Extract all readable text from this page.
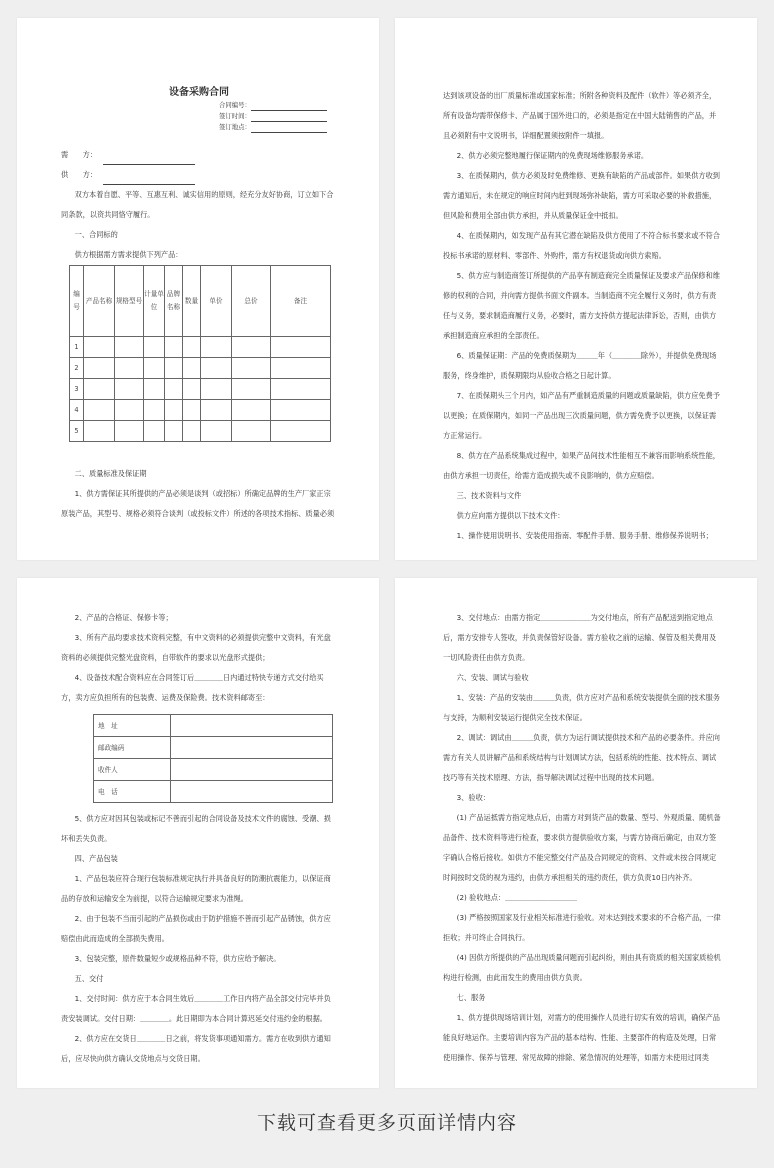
设备采购合同
合同编号：
签订时间：
签订地点：

需　　方：

供　　方：

双方本着自愿、平等、互惠互利、诚实信用的原则，经充分友好协商，订立如下合同条款，以资共同恪守履行。

一、合同标的

供方根据需方需求提供下列产品：

编号	产品名称	规格型号	计量单位	品牌名称	数量	单价	总价	备注
1								
2								
3								
4								
5								

二、质量标准及保证期

1、供方需保证其所提供的产品必须是谈判（或招标）所确定品牌的生产厂家正宗原装产品，其型号、规格必须符合谈判（或投标文件）所述的各项技术指标、质量必须

达到该项设备的出厂质量标准或国家标准；所附各种资料及配件（软件）等必须齐全，所有设备均需带保修卡、产品属于国外进口的，必须是指定在中国大陆销售的产品，并且必须附有中文说明书，详细配置须按附件一填报。

2、供方必须完整地履行保证期内的免费现场维修服务承诺。

3、在质保期内，供方必须及时免费维修、更换有缺陷的产品或部件。如果供方收到需方通知后，未在规定的响应时间内赶到现场弥补缺陷，需方可采取必要的补救措施，但风险和费用全部由供方承担，并从质量保证金中抵扣。

4、在质保期内，如发现产品有其它潜在缺陷及供方使用了不符合标书要求或不符合投标书承诺的原材料、零部件、外购件，需方有权退货或向供方索赔。

5、供方应与制造商签订所提供的产品享有制造商完全质量保证及要求产品保修和维修的权利的合同，并向需方提供书面文件副本。当制造商不完全履行义务时，供方有责任与义务，要求制造商履行义务，必要时，需方支持供方提起法律诉讼，否则，由供方承担制造商应承担的全部责任。

6、质量保证期：产品的免费质保期为＿＿＿年（＿＿＿＿除外），并提供免费现场服务，终身维护，质保期限均从验收合格之日起计算。

7、在质保期头三个月内，如产品有严重制造质量的问题或质量缺陷，供方应免费予以更换；在质保期内，如同一产品出现三次质量问题，供方需免费予以更换，以保证需方正常运行。

8、供方在产品系统集成过程中，如果产品间技术性能相互不兼容而影响系统性能，由供方承担一切责任，给需方造成损失或不良影响的，供方应赔偿。

三、技术资料与文件

供方应向需方提供以下技术文件：

1、操作使用说明书、安装使用指南、零配件手册、服务手册、维修保养说明书；

2、产品的合格证、保修卡等；

3、所有产品均要求技术资料完整，有中文资料的必须提供完整中文资料，有光盘资料的必须提供完整光盘资料，自带软件的要求以光盘形式提供；

4、设备技术配合资料应在合同签订后＿＿＿＿日内通过特快专递方式交付给买方，卖方应负担所有的包装费、运费及保险费。技术资料邮寄至：

地　址	
邮政编码	
收件人	
电　话	

5、供方应对因其包装或标记不善而引起的合同设备及技术文件的腐蚀、受潮、损坏和丢失负责。

四、产品包装

1、产品包装应符合现行包装标准规定执行并具备良好的防潮抗震能力，以保证商品的存放和运输安全为前提，以符合运输规定要求为准绳。

2、由于包装不当而引起的产品损伤或由于防护措施不善而引起产品锈蚀，供方应赔偿由此而造成的全部损失费用。

3、包装完整，原件数量短少或规格品种不符，供方应给予解决。

五、交付

1、交付时间：供方应于本合同生效后＿＿＿＿工作日内将产品全部交付完毕并负责安装调试。交付日期：＿＿＿＿。此日期即为本合同计算迟延交付违约金的根据。

2、供方应在交货日＿＿＿＿日之前，将发货事项通知需方。需方在收到供方通知后，应尽快向供方确认交货地点与交货日期。

3、交付地点：由需方指定＿＿＿＿＿＿＿为交付地点，所有产品配送到指定地点后，需方安排专人签收，并负责保管好设备。需方验收之前的运输、保管及相关费用及一切风险责任由供方负责。

六、安装、调试与验收

1、安装：产品的安装由＿＿＿负责，供方应对产品和系统安装提供全面的技术服务与支持，为顺利安装运行提供完全技术保证。

2、调试：调试由＿＿＿负责，供方为运行调试提供技术和产品的必要条件。并应向需方有关人员讲解产品和系统结构与计划调试方法，包括系统的性能、技术特点、调试技巧等有关技术原理、方法，指导解决调试过程中出现的技术问题。

3、验收：

(1) 产品运抵需方指定地点后，由需方对到货产品的数量、型号、外观质量、随机备品备件、技术资料等进行检查，要求供方提供验收方案，与需方协商后确定，由双方签字确认合格后接收。如供方不能完整交付产品及合同规定的资料、文件或未按合同规定时间按时交货的视为违约，由供方承担相关的违约责任，供方负责10日内补齐。

(2) 验收地点：＿＿＿＿＿＿＿＿＿＿

(3) 严格按照国家及行业相关标准进行验收。对未达到技术要求的不合格产品，一律拒收；并可终止合同执行。

(4) 因供方所提供的产品出现质量问题而引起纠纷，则由具有资质的相关国家质检机构进行检测，由此而发生的费用由供方负责。

七、服务

1、供方提供现场培训计划，对需方的使用操作人员进行切实有效的培训，确保产品能良好地运作。主要培训内容为产品的基本结构、性能、主要部件的构造及处理，日常使用操作、保养与管理、常见故障的排除、紧急情况的处理等，如需方未使用过同类

下载可查看更多页面详情内容
